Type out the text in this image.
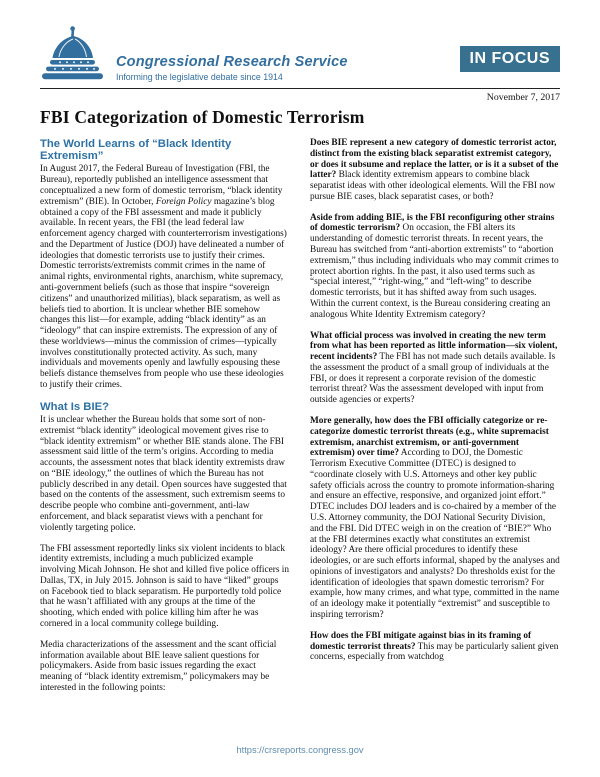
Congressional Research Service
Informing the legislative debate since 1914
IN FOCUS
November 7, 2017
FBI Categorization of Domestic Terrorism
The World Learns of “Black Identity Extremism”

In August 2017, the Federal Bureau of Investigation (FBI, the Bureau), reportedly published an intelligence assessment that conceptualized a new form of domestic terrorism, “black identity extremism” (BIE). In October, Foreign Policy magazine’s blog obtained a copy of the FBI assessment and made it publicly available. In recent years, the FBI (the lead federal law enforcement agency charged with counterterrorism investigations) and the Department of Justice (DOJ) have delineated a number of ideologies that domestic terrorists use to justify their crimes. Domestic terrorists/extremists commit crimes in the name of animal rights, environmental rights, anarchism, white supremacy, anti-government beliefs (such as those that inspire “sovereign citizens” and unauthorized militias), black separatism, as well as beliefs tied to abortion. It is unclear whether BIE somehow changes this list—for example, adding “black identity” as an “ideology” that can inspire extremists. The expression of any of these worldviews—minus the commission of crimes—typically involves constitutionally protected activity. As such, many individuals and movements openly and lawfully espousing these beliefs distance themselves from people who use these ideologies to justify their crimes.

What Is BIE?

It is unclear whether the Bureau holds that some sort of non-extremist “black identity” ideological movement gives rise to “black identity extremism” or whether BIE stands alone. The FBI assessment said little of the term’s origins. According to media accounts, the assessment notes that black identity extremists draw on “BIE ideology,” the outlines of which the Bureau has not publicly described in any detail. Open sources have suggested that based on the contents of the assessment, such extremism seems to describe people who combine anti-government, anti-law enforcement, and black separatist views with a penchant for violently targeting police.

The FBI assessment reportedly links six violent incidents to black identity extremists, including a much publicized example involving Micah Johnson. He shot and killed five police officers in Dallas, TX, in July 2015. Johnson is said to have “liked” groups on Facebook tied to black separatism. He purportedly told police that he wasn’t affiliated with any groups at the time of the shooting, which ended with police killing him after he was cornered in a local community college building.

Media characterizations of the assessment and the scant official information available about BIE leave salient questions for policymakers. Aside from basic issues regarding the exact meaning of “black identity extremism,” policymakers may be interested in the following points:

Does BIE represent a new category of domestic terrorist actor, distinct from the existing black separatist extremist category, or does it subsume and replace the latter, or is it a subset of the latter? Black identity extremism appears to combine black separatist ideas with other ideological elements. Will the FBI now pursue BIE cases, black separatist cases, or both?

Aside from adding BIE, is the FBI reconfiguring other strains of domestic terrorism? On occasion, the FBI alters its understanding of domestic terrorist threats. In recent years, the Bureau has switched from “anti-abortion extremists” to “abortion extremism,” thus including individuals who may commit crimes to protect abortion rights. In the past, it also used terms such as “special interest,” “right-wing,” and “left-wing” to describe domestic terrorists, but it has shifted away from such usages. Within the current context, is the Bureau considering creating an analogous White Identity Extremism category?

What official process was involved in creating the new term from what has been reported as little information—six violent, recent incidents? The FBI has not made such details available. Is the assessment the product of a small group of individuals at the FBI, or does it represent a corporate revision of the domestic terrorist threat? Was the assessment developed with input from outside agencies or experts?

More generally, how does the FBI officially categorize or re-categorize domestic terrorist threats (e.g., white supremacist extremism, anarchist extremism, or anti-government extremism) over time? According to DOJ, the Domestic Terrorism Executive Committee (DTEC) is designed to “coordinate closely with U.S. Attorneys and other key public safety officials across the country to promote information-sharing and ensure an effective, responsive, and organized joint effort.” DTEC includes DOJ leaders and is co-chaired by a member of the U.S. Attorney community, the DOJ National Security Division, and the FBI. Did DTEC weigh in on the creation of “BIE?” Who at the FBI determines exactly what constitutes an extremist ideology? Are there official procedures to identify these ideologies, or are such efforts informal, shaped by the analyses and opinions of investigators and analysts? Do thresholds exist for the identification of ideologies that spawn domestic terrorism? For example, how many crimes, and what type, committed in the name of an ideology make it potentially “extremist” and susceptible to inspiring terrorism?

How does the FBI mitigate against bias in its framing of domestic terrorist threats? This may be particularly salient given concerns, especially from watchdog

https://crsreports.congress.gov
